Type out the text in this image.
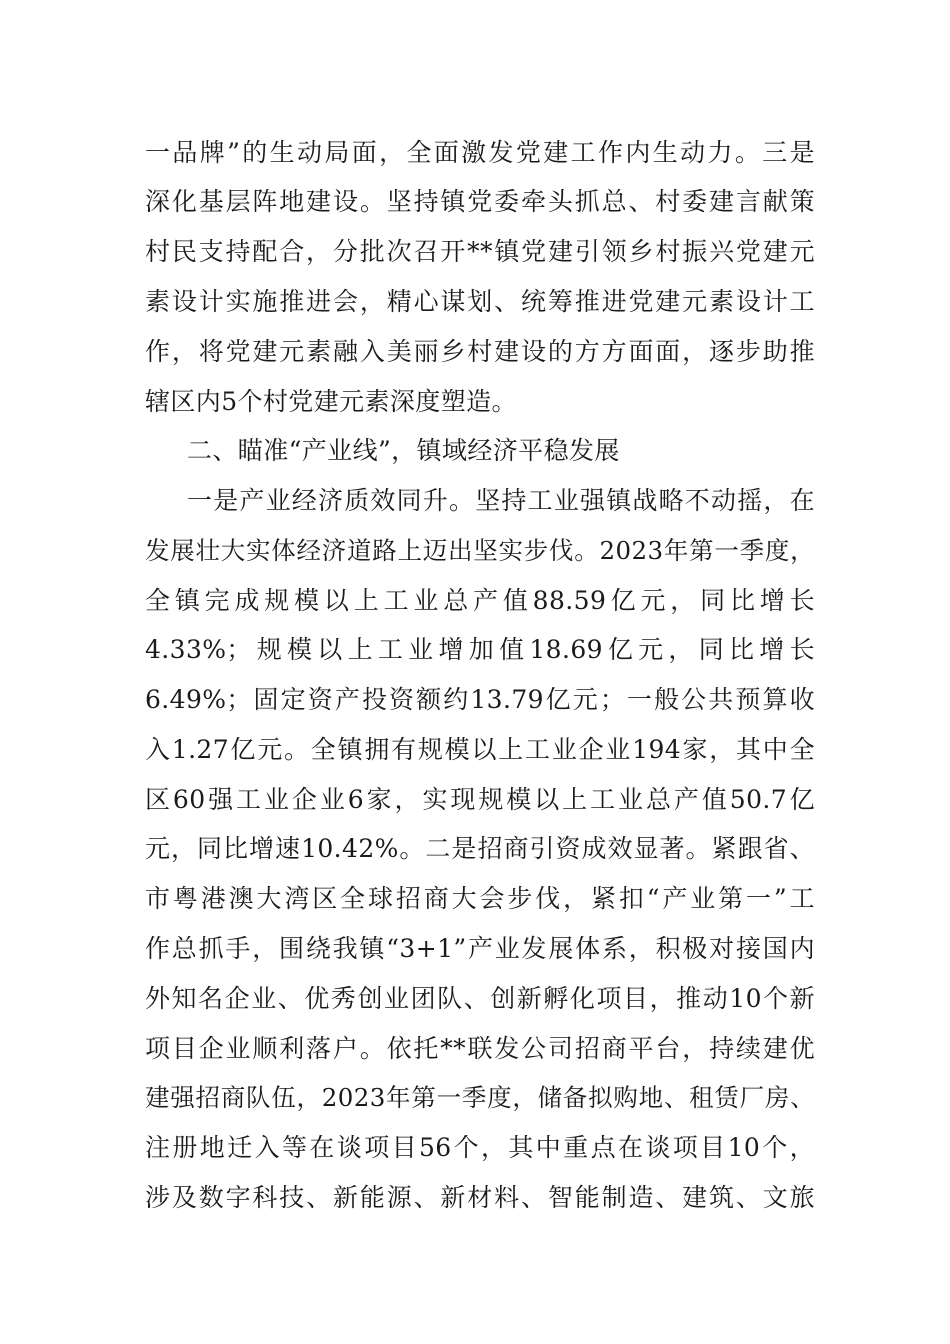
一品牌”的生动局面，全面激发党建工作内生动力。三是
深化基层阵地建设。坚持镇党委牵头抓总、村委建言献策
村民支持配合，分批次召开**镇党建引领乡村振兴党建元
素设计实施推进会，精心谋划、统筹推进党建元素设计工
作，将党建元素融入美丽乡村建设的方方面面，逐步助推
辖区内5个村党建元素深度塑造。
二、瞄准“产业线”，镇域经济平稳发展
一是产业经济质效同升。坚持工业强镇战略不动摇，在
发展壮大实体经济道路上迈出坚实步伐。2023年第一季度，
全镇完成规模以上工业总产值88.59亿元，同比增长
4.33%；规模以上工业增加值18.69亿元，同比增长
6.49%；固定资产投资额约13.79亿元；一般公共预算收
入1.27亿元。全镇拥有规模以上工业企业194家，其中全
区60强工业企业6家，实现规模以上工业总产值50.7亿
元，同比增速10.42%。二是招商引资成效显著。紧跟省、
市粤港澳大湾区全球招商大会步伐，紧扣“产业第一”工
作总抓手，围绕我镇“3+1”产业发展体系，积极对接国内
外知名企业、优秀创业团队、创新孵化项目，推动10个新
项目企业顺利落户。依托**联发公司招商平台，持续建优
建强招商队伍，2023年第一季度，储备拟购地、租赁厂房、
注册地迁入等在谈项目56个，其中重点在谈项目10个，
涉及数字科技、新能源、新材料、智能制造、建筑、文旅
